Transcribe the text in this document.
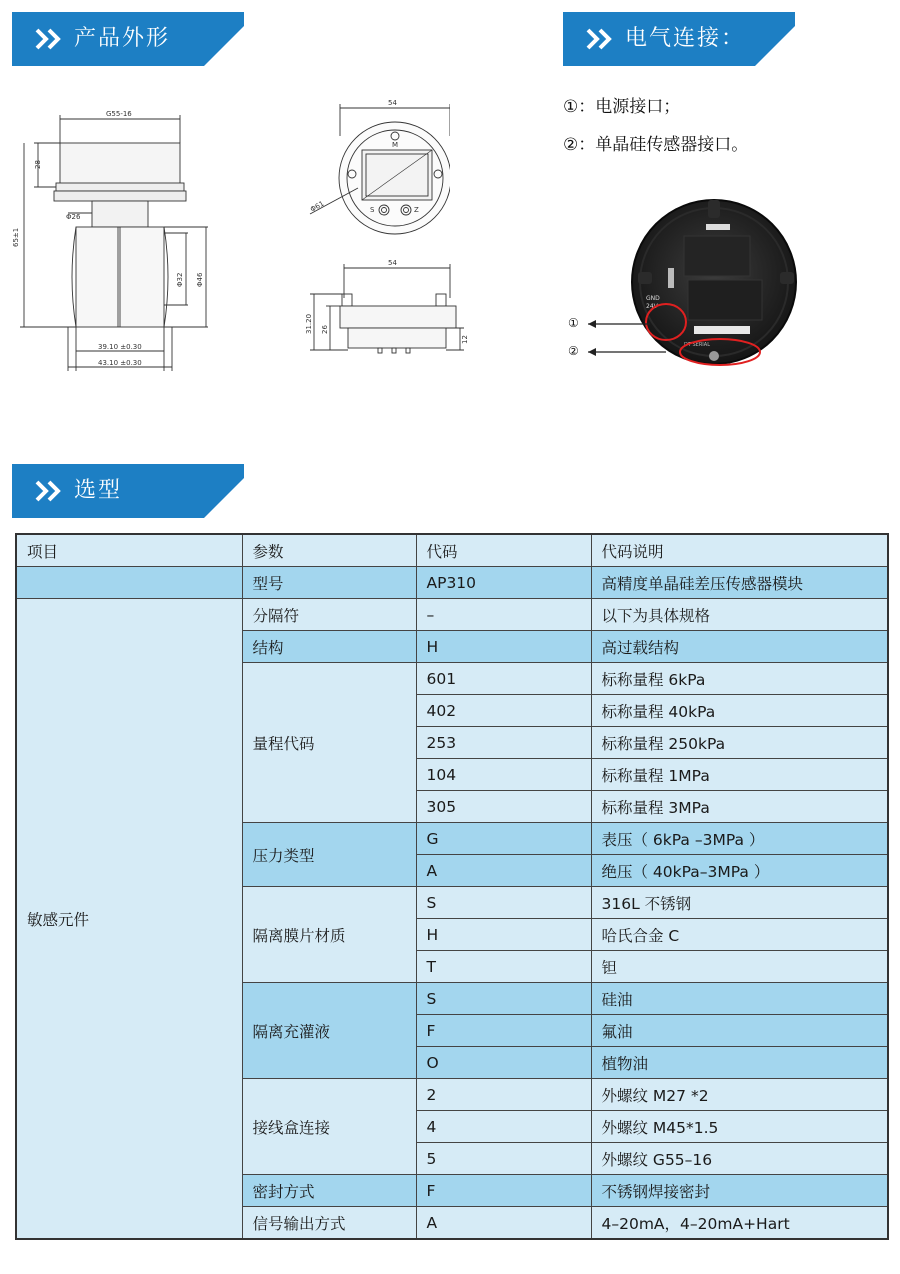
产品外形	电气连接：
①：电源接口；
②：单晶硅传感器接口。
G55-16
28
65±1
Φ26
Φ32 Φ46
39.10 ±0.30
43.10 ±0.30
54
Φ61
M
S	Z
54
31.20 26
12
GND
24V
DT SERIAL
①
②
选型
项目	参数	代码	代码说明
	型号	AP310	高精度单晶硅差压传感器模块
敏感元件	分隔符	–	以下为具体规格
	结构	H	高过载结构
	量程代码	601	标称量程 6kPa
		402	标称量程 40kPa
		253	标称量程 250kPa
		104	标称量程 1MPa
		305	标称量程 3MPa
	压力类型	G	表压（ 6kPa –3MPa ）
		A	绝压（ 40kPa–3MPa ）
	隔离膜片材质	S	316L 不锈钢
		H	哈氏合金 C
		T	钽
	隔离充灌液	S	硅油
		F	氟油
		O	植物油
	接线盒连接	2	外螺纹 M27 *2
		4	外螺纹 M45*1.5
		5	外螺纹 G55–16
	密封方式	F	不锈钢焊接密封
	信号输出方式	A	4–20mA，4–20mA+Hart
